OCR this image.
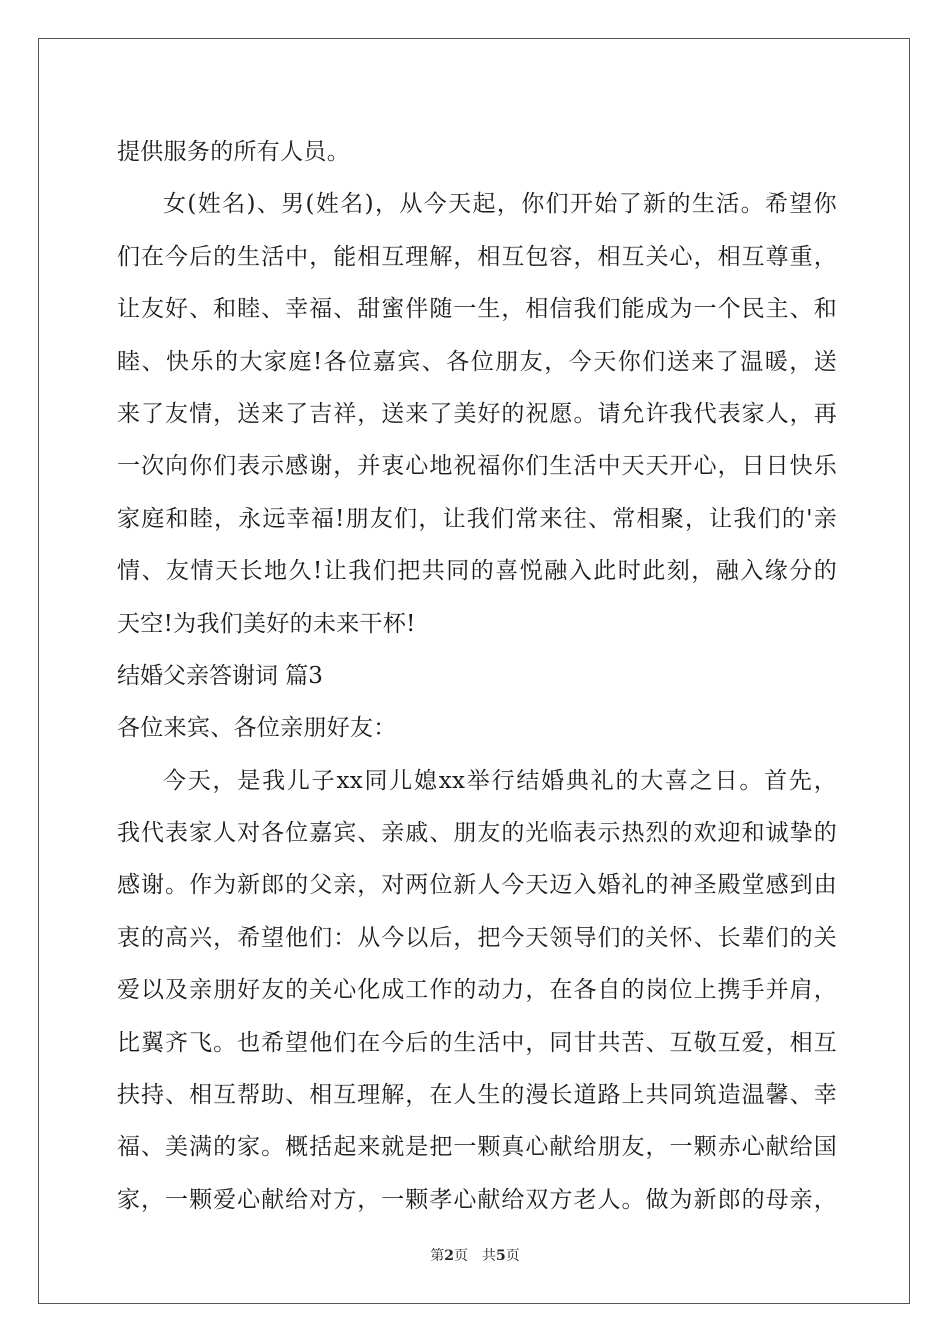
提供服务的所有人员。
女(姓名)、男(姓名)，从今天起，你们开始了新的生活。希望你
们在今后的生活中，能相互理解，相互包容，相互关心，相互尊重，
让友好、和睦、幸福、甜蜜伴随一生，相信我们能成为一个民主、和
睦、快乐的大家庭!各位嘉宾、各位朋友，今天你们送来了温暖，送
来了友情，送来了吉祥，送来了美好的祝愿。请允许我代表家人，再
一次向你们表示感谢，并衷心地祝福你们生活中天天开心，日日快乐
家庭和睦，永远幸福!朋友们，让我们常来往、常相聚，让我们的'亲
情、友情天长地久!让我们把共同的喜悦融入此时此刻，融入缘分的
天空!为我们美好的未来干杯!
结婚父亲答谢词 篇3
各位来宾、各位亲朋好友：
今天，是我儿子xx同儿媳xx举行结婚典礼的大喜之日。首先，
我代表家人对各位嘉宾、亲戚、朋友的光临表示热烈的欢迎和诚挚的
感谢。作为新郎的父亲，对两位新人今天迈入婚礼的神圣殿堂感到由
衷的高兴，希望他们：从今以后，把今天领导们的关怀、长辈们的关
爱以及亲朋好友的关心化成工作的动力，在各自的岗位上携手并肩，
比翼齐飞。也希望他们在今后的生活中，同甘共苦、互敬互爱，相互
扶持、相互帮助、相互理解，在人生的漫长道路上共同筑造温馨、幸
福、美满的家。概括起来就是把一颗真心献给朋友，一颗赤心献给国
家，一颗爱心献给对方，一颗孝心献给双方老人。做为新郎的母亲，
第2页 共5页
